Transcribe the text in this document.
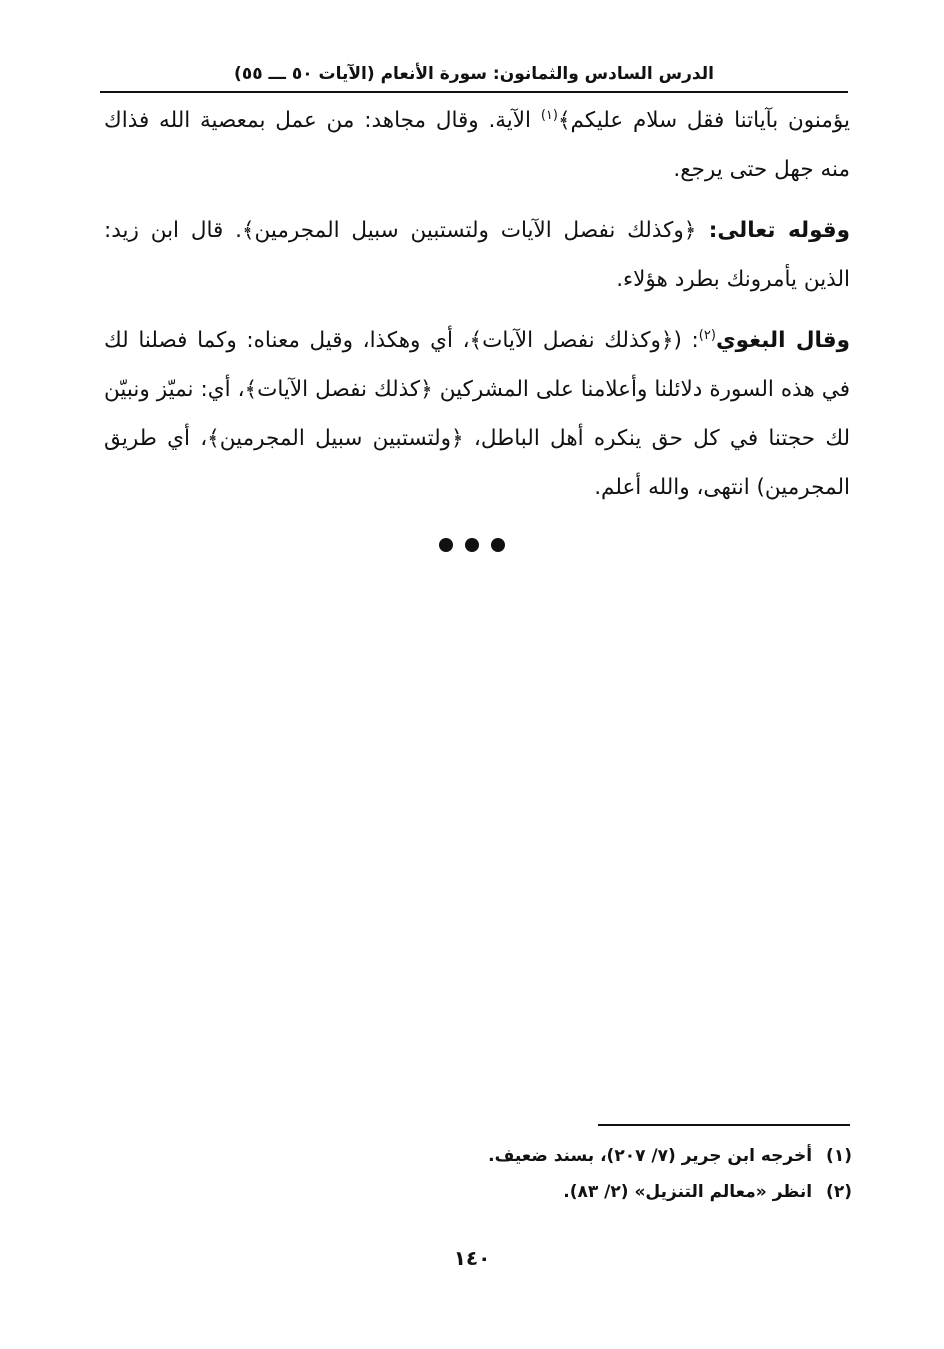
الدرس السادس والثمانون: سورة الأنعام (الآيات ٥٠ ـــ ٥٥)

يؤمنون بآياتنا فقل سلام عليكم﴾$^{(١)}$ الآية. وقال مجاهد: من عمل بمعصية الله فذاك منه جهل حتى يرجع.

وقوله تعالى: ﴿وكذلك نفصل الآيات ولتستبين سبيل المجرمين﴾. قال ابن زيد: الذين يأمرونك بطرد هؤلاء.

وقال البغوي$^{(٢)}$: (﴿وكذلك نفصل الآيات﴾، أي وهكذا، وقيل معناه: وكما فصلنا لك في هذه السورة دلائلنا وأعلامنا على المشركين ﴿كذلك نفصل الآيات﴾، أي: نميّز ونبيّن لك حجتنا في كل حق ينكره أهل الباطل، ﴿ولتستبين سبيل المجرمين﴾، أي طريق المجرمين) انتهى، والله أعلم.

(١)أخرجه ابن جرير (٧/ ٢٠٧)، بسند ضعيف.
(٢)انظر «معالم التنزيل» (٢/ ٨٣).
١٤٠
